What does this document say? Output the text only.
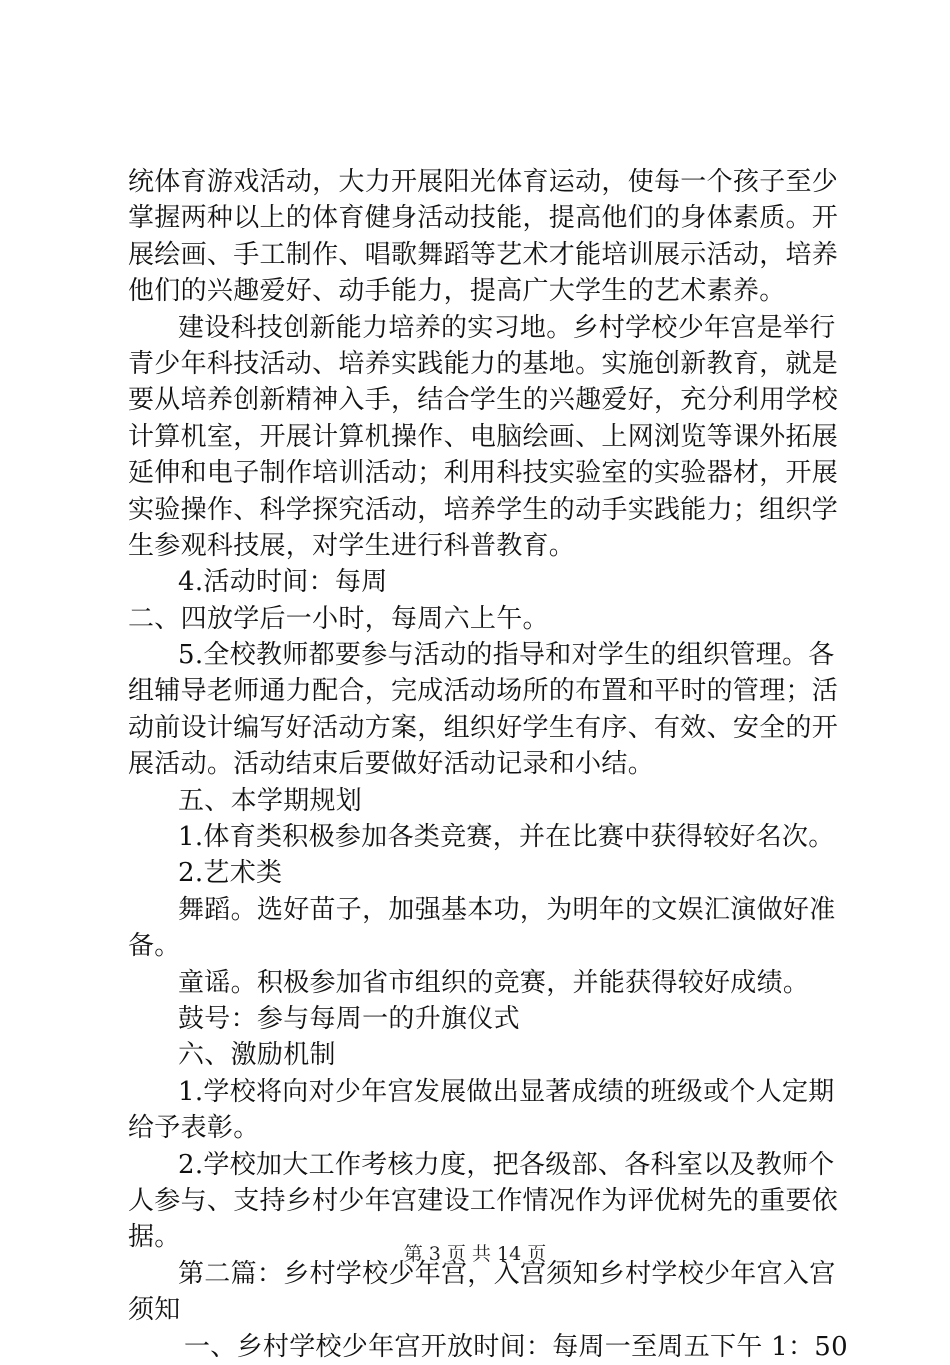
统体育游戏活动，大力开展阳光体育运动，使每一个孩子至少
掌握两种以上的体育健身活动技能，提高他们的身体素质。开
展绘画、手工制作、唱歌舞蹈等艺术才能培训展示活动，培养
他们的兴趣爱好、动手能力，提高广大学生的艺术素养。
建设科技创新能力培养的实习地。乡村学校少年宫是举行
青少年科技活动、培养实践能力的基地。实施创新教育，就是
要从培养创新精神入手，结合学生的兴趣爱好，充分利用学校
计算机室，开展计算机操作、电脑绘画、上网浏览等课外拓展
延伸和电子制作培训活动；利用科技实验室的实验器材，开展
实验操作、科学探究活动，培养学生的动手实践能力；组织学
生参观科技展，对学生进行科普教育。
4.活动时间：每周
二、四放学后一小时，每周六上午。
5.全校教师都要参与活动的指导和对学生的组织管理。各
组辅导老师通力配合，完成活动场所的布置和平时的管理；活
动前设计编写好活动方案，组织好学生有序、有效、安全的开
展活动。活动结束后要做好活动记录和小结。
五、本学期规划
1.体育类积极参加各类竞赛，并在比赛中获得较好名次。
2.艺术类
舞蹈。选好苗子，加强基本功，为明年的文娱汇演做好准
备。
童谣。积极参加省市组织的竞赛，并能获得较好成绩。
鼓号：参与每周一的升旗仪式
六、激励机制
1.学校将向对少年宫发展做出显著成绩的班级或个人定期
给予表彰。
2.学校加大工作考核力度，把各级部、各科室以及教师个
人参与、支持乡村少年宫建设工作情况作为评优树先的重要依
据。
第二篇：乡村学校少年宫，入宫须知乡村学校少年宫入宫
须知
一、乡村学校少年宫开放时间：每周一至周五下午 1：50
第 3 页 共 14 页
